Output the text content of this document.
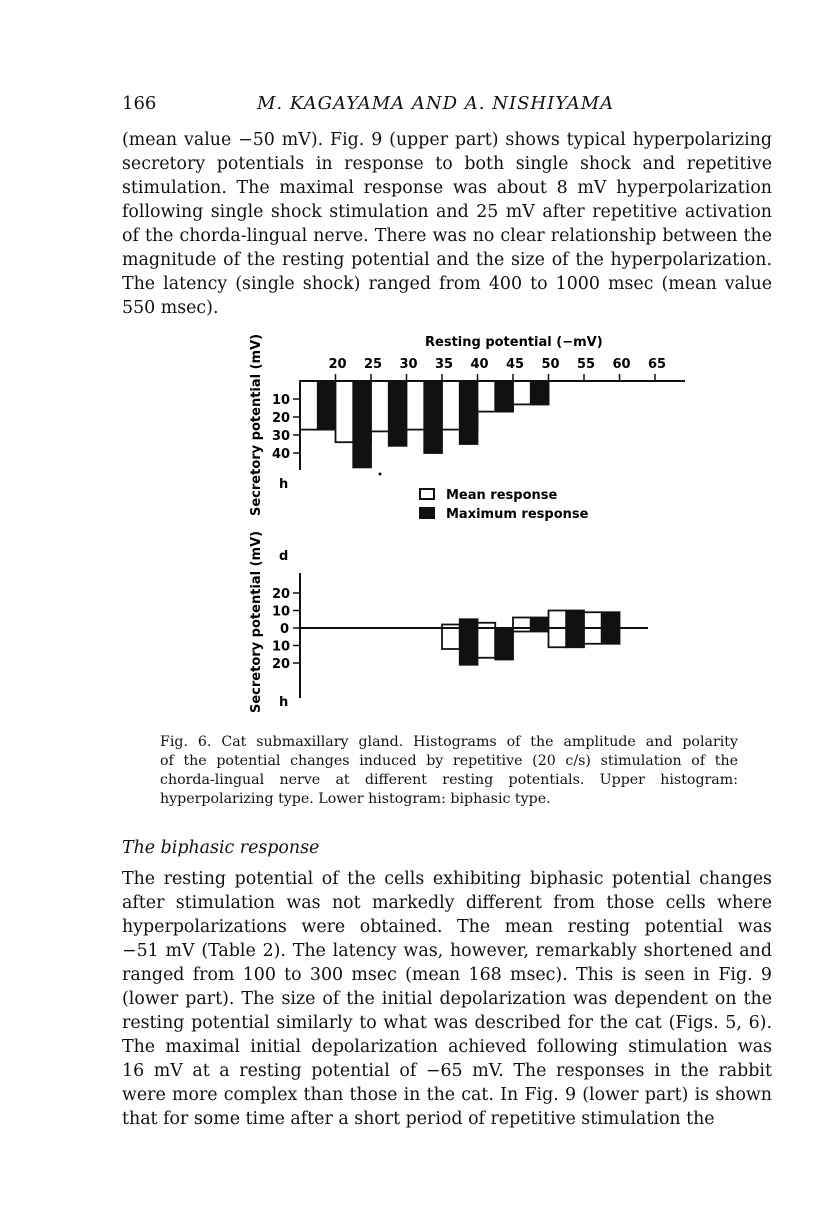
166	M. KAGAYAMA AND A. NISHIYAMA
(mean value −50 mV). Fig. 9 (upper part) shows typical hyperpolarizing
secretory potentials in response to both single shock and repetitive
stimulation. The maximal response was about 8 mV hyperpolarization
following single shock stimulation and 25 mV after repetitive activation
of the chorda-lingual nerve. There was no clear relationship between the
magnitude of the resting potential and the size of the hyperpolarization.
The latency (single shock) ranged from 400 to 1000 msec (mean value
550 msec).
Resting potential (−mV)
Secretory potential (mV) h
20 25 30 35 40 45 50 55 60 65
10
20
30
40
Mean response
Maximum response
Secretory potential (mV) d
h
20
10
0
10
20
Fig. 6. Cat submaxillary gland. Histograms of the amplitude and polarity
of the potential changes induced by repetitive (20 c/s) stimulation of the
chorda-lingual nerve at different resting potentials. Upper histogram:
hyperpolarizing type. Lower histogram: biphasic type.
The biphasic response
The resting potential of the cells exhibiting biphasic potential changes
after stimulation was not markedly different from those cells where
hyperpolarizations were obtained. The mean resting potential was
−51 mV (Table 2). The latency was, however, remarkably shortened and
ranged from 100 to 300 msec (mean 168 msec). This is seen in Fig. 9
(lower part). The size of the initial depolarization was dependent on the
resting potential similarly to what was described for the cat (Figs. 5, 6).
The maximal initial depolarization achieved following stimulation was
16 mV at a resting potential of −65 mV. The responses in the rabbit
were more complex than those in the cat. In Fig. 9 (lower part) is shown
that for some time after a short period of repetitive stimulation the
